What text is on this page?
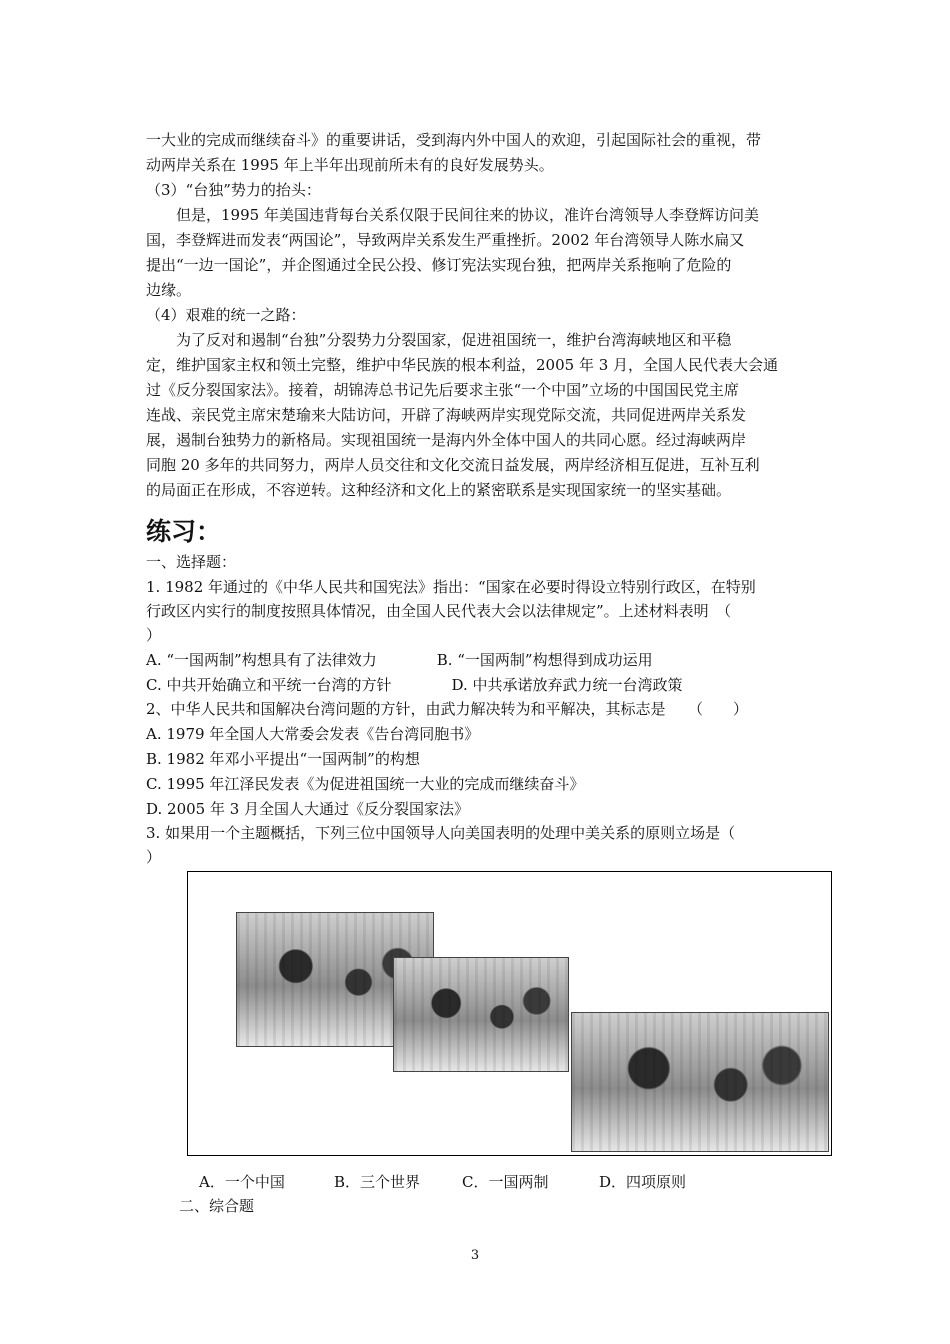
一大业的完成而继续奋斗》的重要讲话，受到海内外中国人的欢迎，引起国际社会的重视，带
动两岸关系在 1995 年上半年出现前所未有的良好发展势头。
（3）“台独”势力的抬头：
但是，1995 年美国违背每台关系仅限于民间往来的协议，准许台湾领导人李登辉访问美
国，李登辉进而发表“两国论”，导致两岸关系发生严重挫折。2002 年台湾领导人陈水扁又
提出“一边一国论”，并企图通过全民公投、修订宪法实现台独，把两岸关系拖响了危险的
边缘。
（4）艰难的统一之路：
为了反对和遏制“台独”分裂势力分裂国家，促进祖国统一，维护台湾海峡地区和平稳
定，维护国家主权和领土完整，维护中华民族的根本利益，2005 年 3 月，全国人民代表大会通
过《反分裂国家法》。接着，胡锦涛总书记先后要求主张“一个中国”立场的中国国民党主席
连战、亲民党主席宋楚瑜来大陆访问，开辟了海峡两岸实现党际交流，共同促进两岸关系发
展，遏制台独势力的新格局。实现祖国统一是海内外全体中国人的共同心愿。经过海峡两岸
同胞 20 多年的共同努力，两岸人员交往和文化交流日益发展，两岸经济相互促进，互补互利
的局面正在形成，不容逆转。这种经济和文化上的紧密联系是实现国家统一的坚实基础。
练习：
一、选择题：
1. 1982 年通过的《中华人民共和国宪法》指出：“国家在必要时得设立特别行政区，在特别
行政区内实行的制度按照具体情况，由全国人民代表大会以法律规定”。上述材料表明　（
）
A. “一国两制”构想具有了法律效力　　　　B. “一国两制”构想得到成功运用
C. 中共开始确立和平统一台湾的方针　　　　D. 中共承诺放弃武力统一台湾政策
2、中华人民共和国解决台湾问题的方针，由武力解决转为和平解决，其标志是　　（　　）
A. 1979 年全国人大常委会发表《告台湾同胞书》
B. 1982 年邓小平提出“一国两制”的构想
C. 1995 年江泽民发表《为促进祖国统一大业的完成而继续奋斗》
D. 2005 年 3 月全国人大通过《反分裂国家法》
3. 如果用一个主题概括，下列三位中国领导人向美国表明的处理中美关系的原则立场是（
）
A．一个中国	B．三个世界	C．一国两制	D．四项原则
二、综合题
3
